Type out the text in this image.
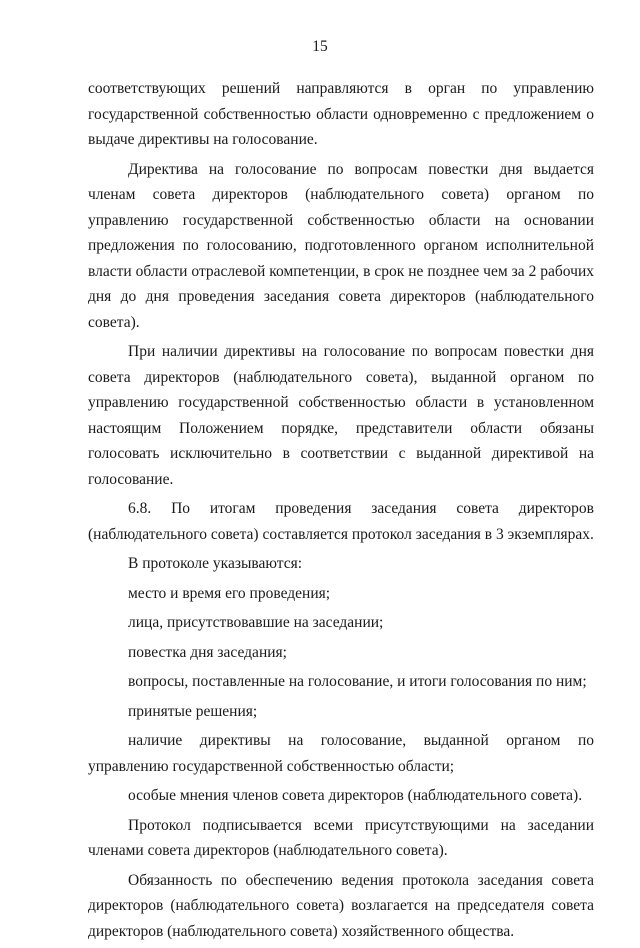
15

соответствующих решений направляются в орган по управлению государственной собственностью области одновременно с предложением о выдаче директивы на голосование.

Директива на голосование по вопросам повестки дня выдается членам совета директоров (наблюдательного совета) органом по управлению государственной собственностью области на основании предложения по голосованию, подготовленного органом исполнительной власти области отраслевой компетенции, в срок не позднее чем за 2 рабочих дня до дня проведения заседания совета директоров (наблюдательного совета).

При наличии директивы на голосование по вопросам повестки дня совета директоров (наблюдательного совета), выданной органом по управлению государственной собственностью области в установленном настоящим Положением порядке, представители области обязаны голосовать исключительно в соответствии с выданной директивой на голосование.

6.8. По итогам проведения заседания совета директоров (наблюдательного совета) составляется протокол заседания в 3 экземплярах.

В протоколе указываются:
место и время его проведения;
лица, присутствовавшие на заседании;
повестка дня заседания;
вопросы, поставленные на голосование, и итоги голосования по ним;
принятые решения;

наличие директивы на голосование, выданной органом по управлению государственной собственностью области;

особые мнения членов совета директоров (наблюдательного совета).

Протокол подписывается всеми присутствующими на заседании членами совета директоров (наблюдательного совета).

Обязанность по обеспечению ведения протокола заседания совета директоров (наблюдательного совета) возлагается на председателя совета директоров (наблюдательного совета) хозяйственного общества.
